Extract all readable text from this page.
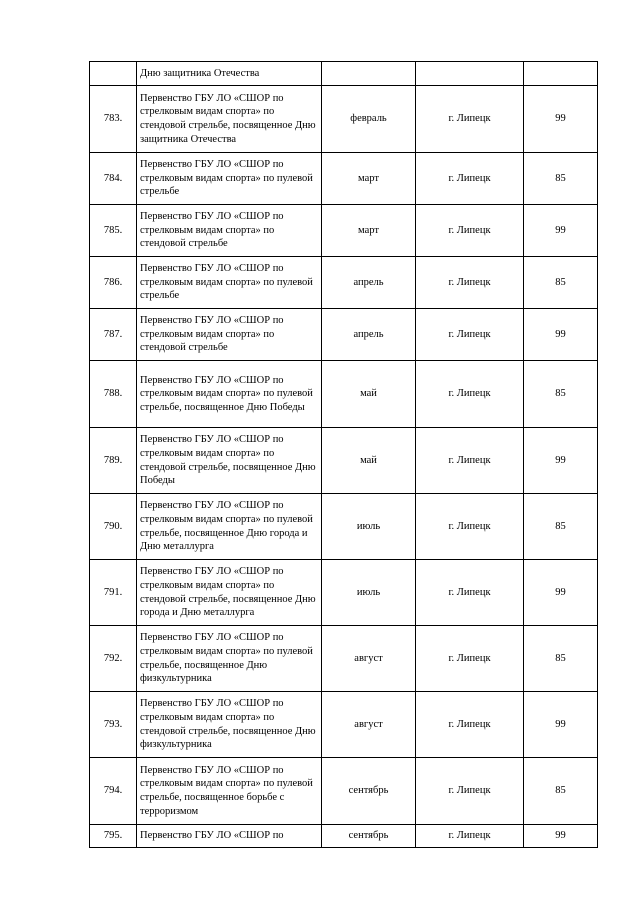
	Дню защитника Отечества			
783.	Первенство ГБУ ЛО «СШОР по стрелковым видам спорта» по стендовой стрельбе, посвященное Дню защитника Отечества	февраль	г. Липецк	99
784.	Первенство ГБУ ЛО «СШОР по стрелковым видам спорта» по пулевой стрельбе	март	г. Липецк	85
785.	Первенство ГБУ ЛО «СШОР по стрелковым видам спорта» по стендовой стрельбе	март	г. Липецк	99
786.	Первенство ГБУ ЛО «СШОР по стрелковым видам спорта» по пулевой стрельбе	апрель	г. Липецк	85
787.	Первенство ГБУ ЛО «СШОР по стрелковым видам спорта» по стендовой стрельбе	апрель	г. Липецк	99
788.	Первенство ГБУ ЛО «СШОР по стрелковым видам спорта» по пулевой стрельбе, посвященное Дню Победы	май	г. Липецк	85
789.	Первенство ГБУ ЛО «СШОР по стрелковым видам спорта» по стендовой стрельбе, посвященное Дню Победы	май	г. Липецк	99
790.	Первенство ГБУ ЛО «СШОР по стрелковым видам спорта» по пулевой стрельбе, посвященное Дню города и Дню металлурга	июль	г. Липецк	85
791.	Первенство ГБУ ЛО «СШОР по стрелковым видам спорта» по стендовой стрельбе, посвященное Дню города и Дню металлурга	июль	г. Липецк	99
792.	Первенство ГБУ ЛО «СШОР по стрелковым видам спорта» по пулевой стрельбе, посвященное Дню физкультурника	август	г. Липецк	85
793.	Первенство ГБУ ЛО «СШОР по стрелковым видам спорта» по стендовой стрельбе, посвященное Дню физкультурника	август	г. Липецк	99
794.	Первенство ГБУ ЛО «СШОР по стрелковым видам спорта» по пулевой стрельбе, посвященное борьбе с терроризмом	сентябрь	г. Липецк	85
795.	Первенство ГБУ ЛО «СШОР по	сентябрь	г. Липецк	99
